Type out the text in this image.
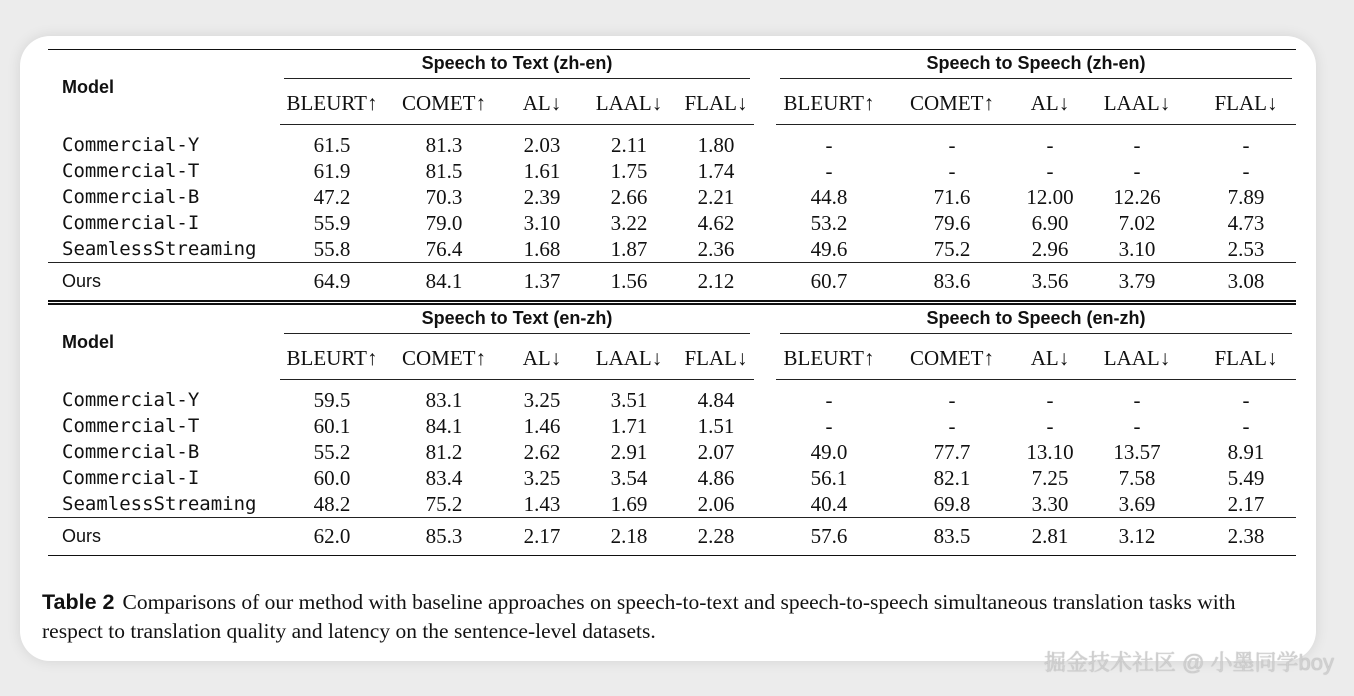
Model	Speech to Text (zh-en)						Speech to Speech (zh-en)				

	BLEURT↑	COMET↑	AL↓	LAAL↓	FLAL↓		BLEURT↑	COMET↑	AL↓	LAAL↓	FLAL↓
Commercial-Y	61.5	81.3	2.03	2.11	1.80		-	-	-	-	-
Commercial-T	61.9	81.5	1.61	1.75	1.74		-	-	-	-	-
Commercial-B	47.2	70.3	2.39	2.66	2.21		44.8	71.6	12.00	12.26	7.89
Commercial-I	55.9	79.0	3.10	3.22	4.62		53.2	79.6	6.90	7.02	4.73
SeamlessStreaming	55.8	76.4	1.68	1.87	2.36		49.6	75.2	2.96	3.10	2.53
Ours	64.9	84.1	1.37	1.56	2.12		60.7	83.6	3.56	3.79	3.08
Model	Speech to Text (en-zh)						Speech to Speech (en-zh)				

	BLEURT↑	COMET↑	AL↓	LAAL↓	FLAL↓		BLEURT↑	COMET↑	AL↓	LAAL↓	FLAL↓
Commercial-Y	59.5	83.1	3.25	3.51	4.84		-	-	-	-	-
Commercial-T	60.1	84.1	1.46	1.71	1.51		-	-	-	-	-
Commercial-B	55.2	81.2	2.62	2.91	2.07		49.0	77.7	13.10	13.57	8.91
Commercial-I	60.0	83.4	3.25	3.54	4.86		56.1	82.1	7.25	7.58	5.49
SeamlessStreaming	48.2	75.2	1.43	1.69	2.06		40.4	69.8	3.30	3.69	2.17
Ours	62.0	85.3	2.17	2.18	2.28		57.6	83.5	2.81	3.12	2.38
Table 2 Comparisons of our method with baseline approaches on speech-to-text and speech-to-speech simultaneous translation tasks with respect to translation quality and latency on the sentence-level datasets.
掘金技术社区 @ 小墨同学boy
